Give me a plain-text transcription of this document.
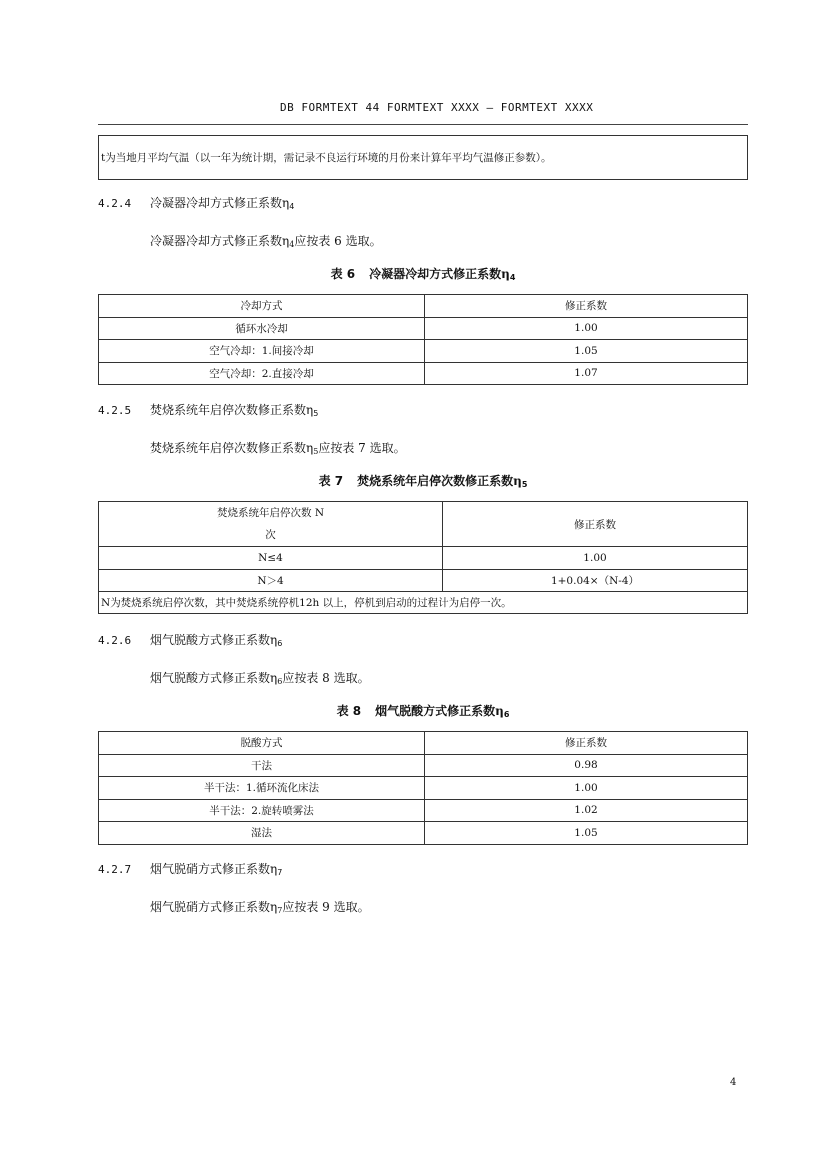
DB FORMTEXT 44 FORMTEXT XXXX — FORMTEXT XXXX
t为当地月平均气温（以一年为统计期，需记录不良运行环境的月份来计算年平均气温修正参数）。
4.2.4 冷凝器冷却方式修正系数$\eta_4$
冷凝器冷却方式修正系数$\eta_4$应按表 6 选取。
表 6 冷凝器冷却方式修正系数$\eta_4$
冷却方式	修正系数
循环水冷却	1.00
空气冷却：1.间接冷却	1.05
空气冷却：2.直接冷却	1.07
4.2.5 焚烧系统年启停次数修正系数$\eta_5$
焚烧系统年启停次数修正系数$\eta_5$应按表 7 选取。
表 7 焚烧系统年启停次数修正系数$\eta_5$
焚烧系统年启停次数 N
次	修正系数
N≤4	1.00
N＞4	1+0.04×（N-4）
N为焚烧系统启停次数，其中焚烧系统停机12h 以上，停机到启动的过程计为启停一次。	
4.2.6 烟气脱酸方式修正系数$\eta_6$
烟气脱酸方式修正系数$\eta_6$应按表 8 选取。
表 8 烟气脱酸方式修正系数$\eta_6$
脱酸方式	修正系数
干法	0.98
半干法：1.循环流化床法	1.00
半干法：2.旋转喷雾法	1.02
湿法	1.05
4.2.7 烟气脱硝方式修正系数$\eta_7$
烟气脱硝方式修正系数$\eta_7$应按表 9 选取。
4
